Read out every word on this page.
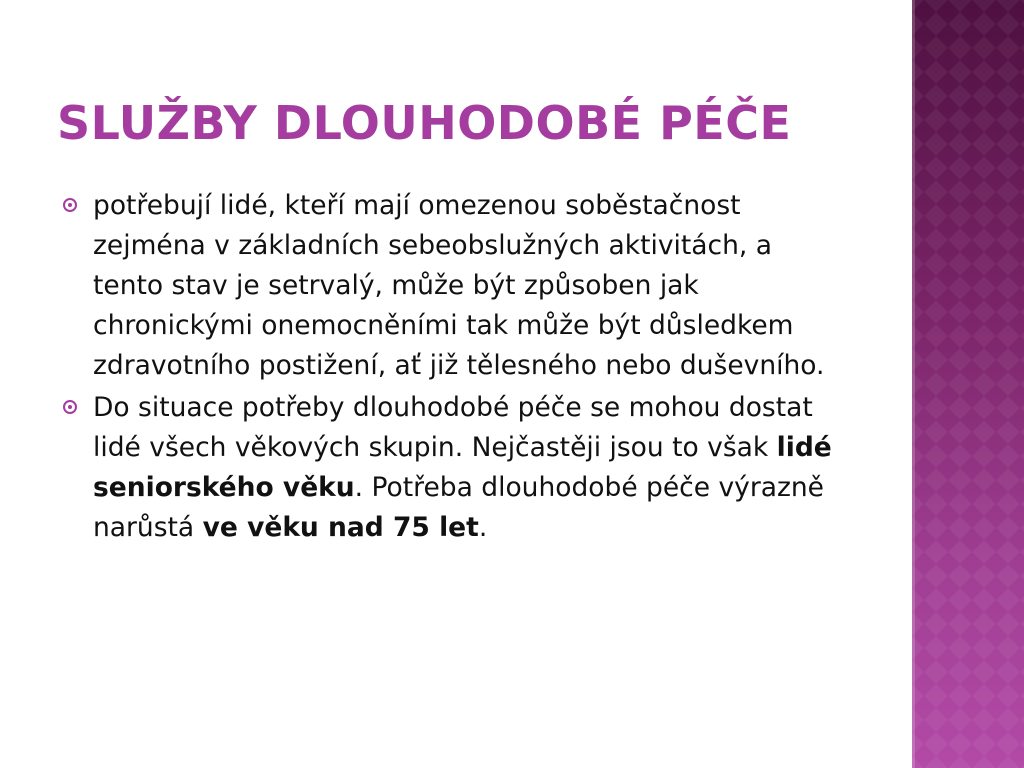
SLUŽBY DLOUHODOBÉ PÉČE
potřebují lidé, kteří mají omezenou soběstačnost zejména v základních sebeobslužných aktivitách, a tento stav je setrvalý, může být způsoben jak chronickými onemocněními tak může být důsledkem zdravotního postižení, ať již tělesného nebo duševního.
Do situace potřeby dlouhodobé péče se mohou dostat lidé všech věkových skupin. Nejčastěji jsou to však lidé seniorského věku. Potřeba dlouhodobé péče výrazně narůstá ve věku nad 75 let.
